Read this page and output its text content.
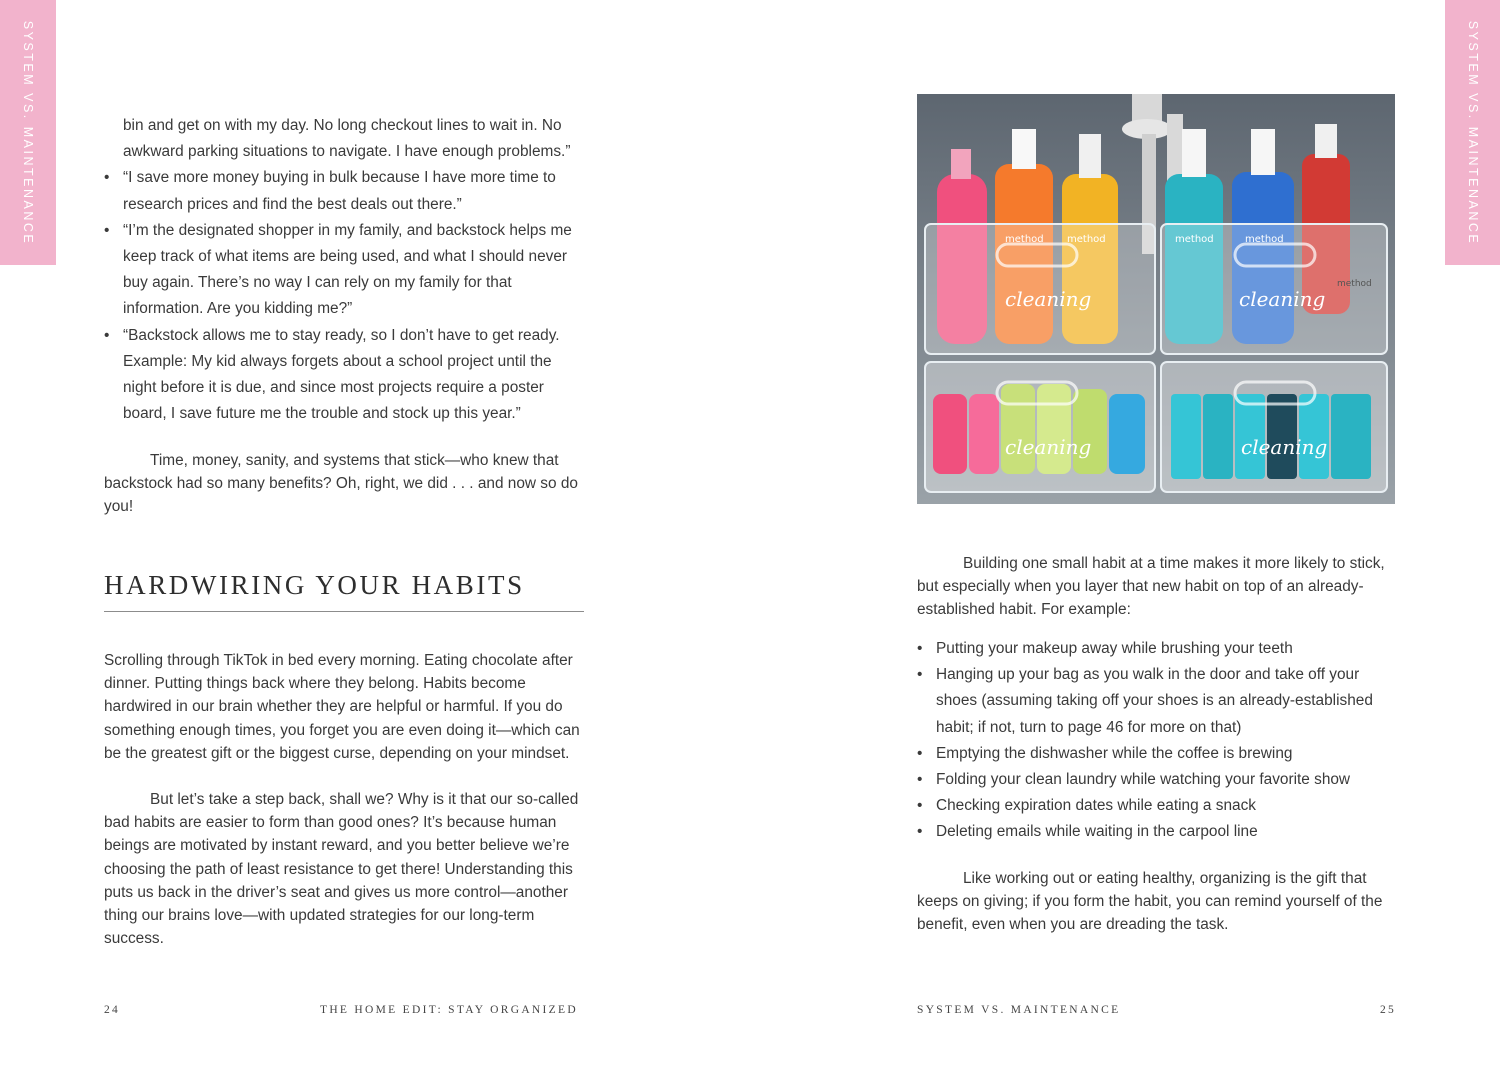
SYSTEM VS. MAINTENANCE	bin and get on with my day. No long checkout lines to wait in. No awkward parking situations to navigate. I have enough problems.”
• “I save more money buying in bulk because I have more time to research prices and find the best deals out there.”
• “I’m the designated shopper in my family, and backstock helps me keep track of what items are being used, and what I should never buy again. There’s no way I can rely on my family for that information. Are you kidding me?”
• “Backstock allows me to stay ready, so I don’t have to get ready. Example: My kid always forgets about a school project until the night before it is due, and since most projects require a poster board, I save future me the trouble and stock up this year.”

Time, money, sanity, and systems that stick—who knew that backstock had so many benefits? Oh, right, we did . . . and now so do you!

HARDWIRING YOUR HABITS

Scrolling through TikTok in bed every morning. Eating chocolate after dinner. Putting things back where they belong. Habits become hardwired in our brain whether they are helpful or harmful. If you do something enough times, you forget you are even doing it—which can be the greatest gift or the biggest curse, depending on your mindset.

But let’s take a step back, shall we? Why is it that our so-called bad habits are easier to form than good ones? It’s because human beings are motivated by instant reward, and you better believe we’re choosing the path of least resistance to get there! Understanding this puts us back in the driver’s seat and gives us more control—another thing our brains love—with updated strategies for our long-term success.

24	THE HOME EDIT: STAY ORGANIZED
SYSTEM VS. MAINTENANCE
cleaning	cleaning
cleaning	cleaning
method method	method	method
method

Building one small habit at a time makes it more likely to stick, but especially when you layer that new habit on top of an already-established habit. For example:

• Putting your makeup away while brushing your teeth
• Hanging up your bag as you walk in the door and take off your shoes (assuming taking off your shoes is an already-established habit; if not, turn to page 46 for more on that)
• Emptying the dishwasher while the coffee is brewing
• Folding your clean laundry while watching your favorite show
• Checking expiration dates while eating a snack
• Deleting emails while waiting in the carpool line

Like working out or eating healthy, organizing is the gift that keeps on giving; if you form the habit, you can remind yourself of the benefit, even when you are dreading the task.

SYSTEM VS. MAINTENANCE	25
